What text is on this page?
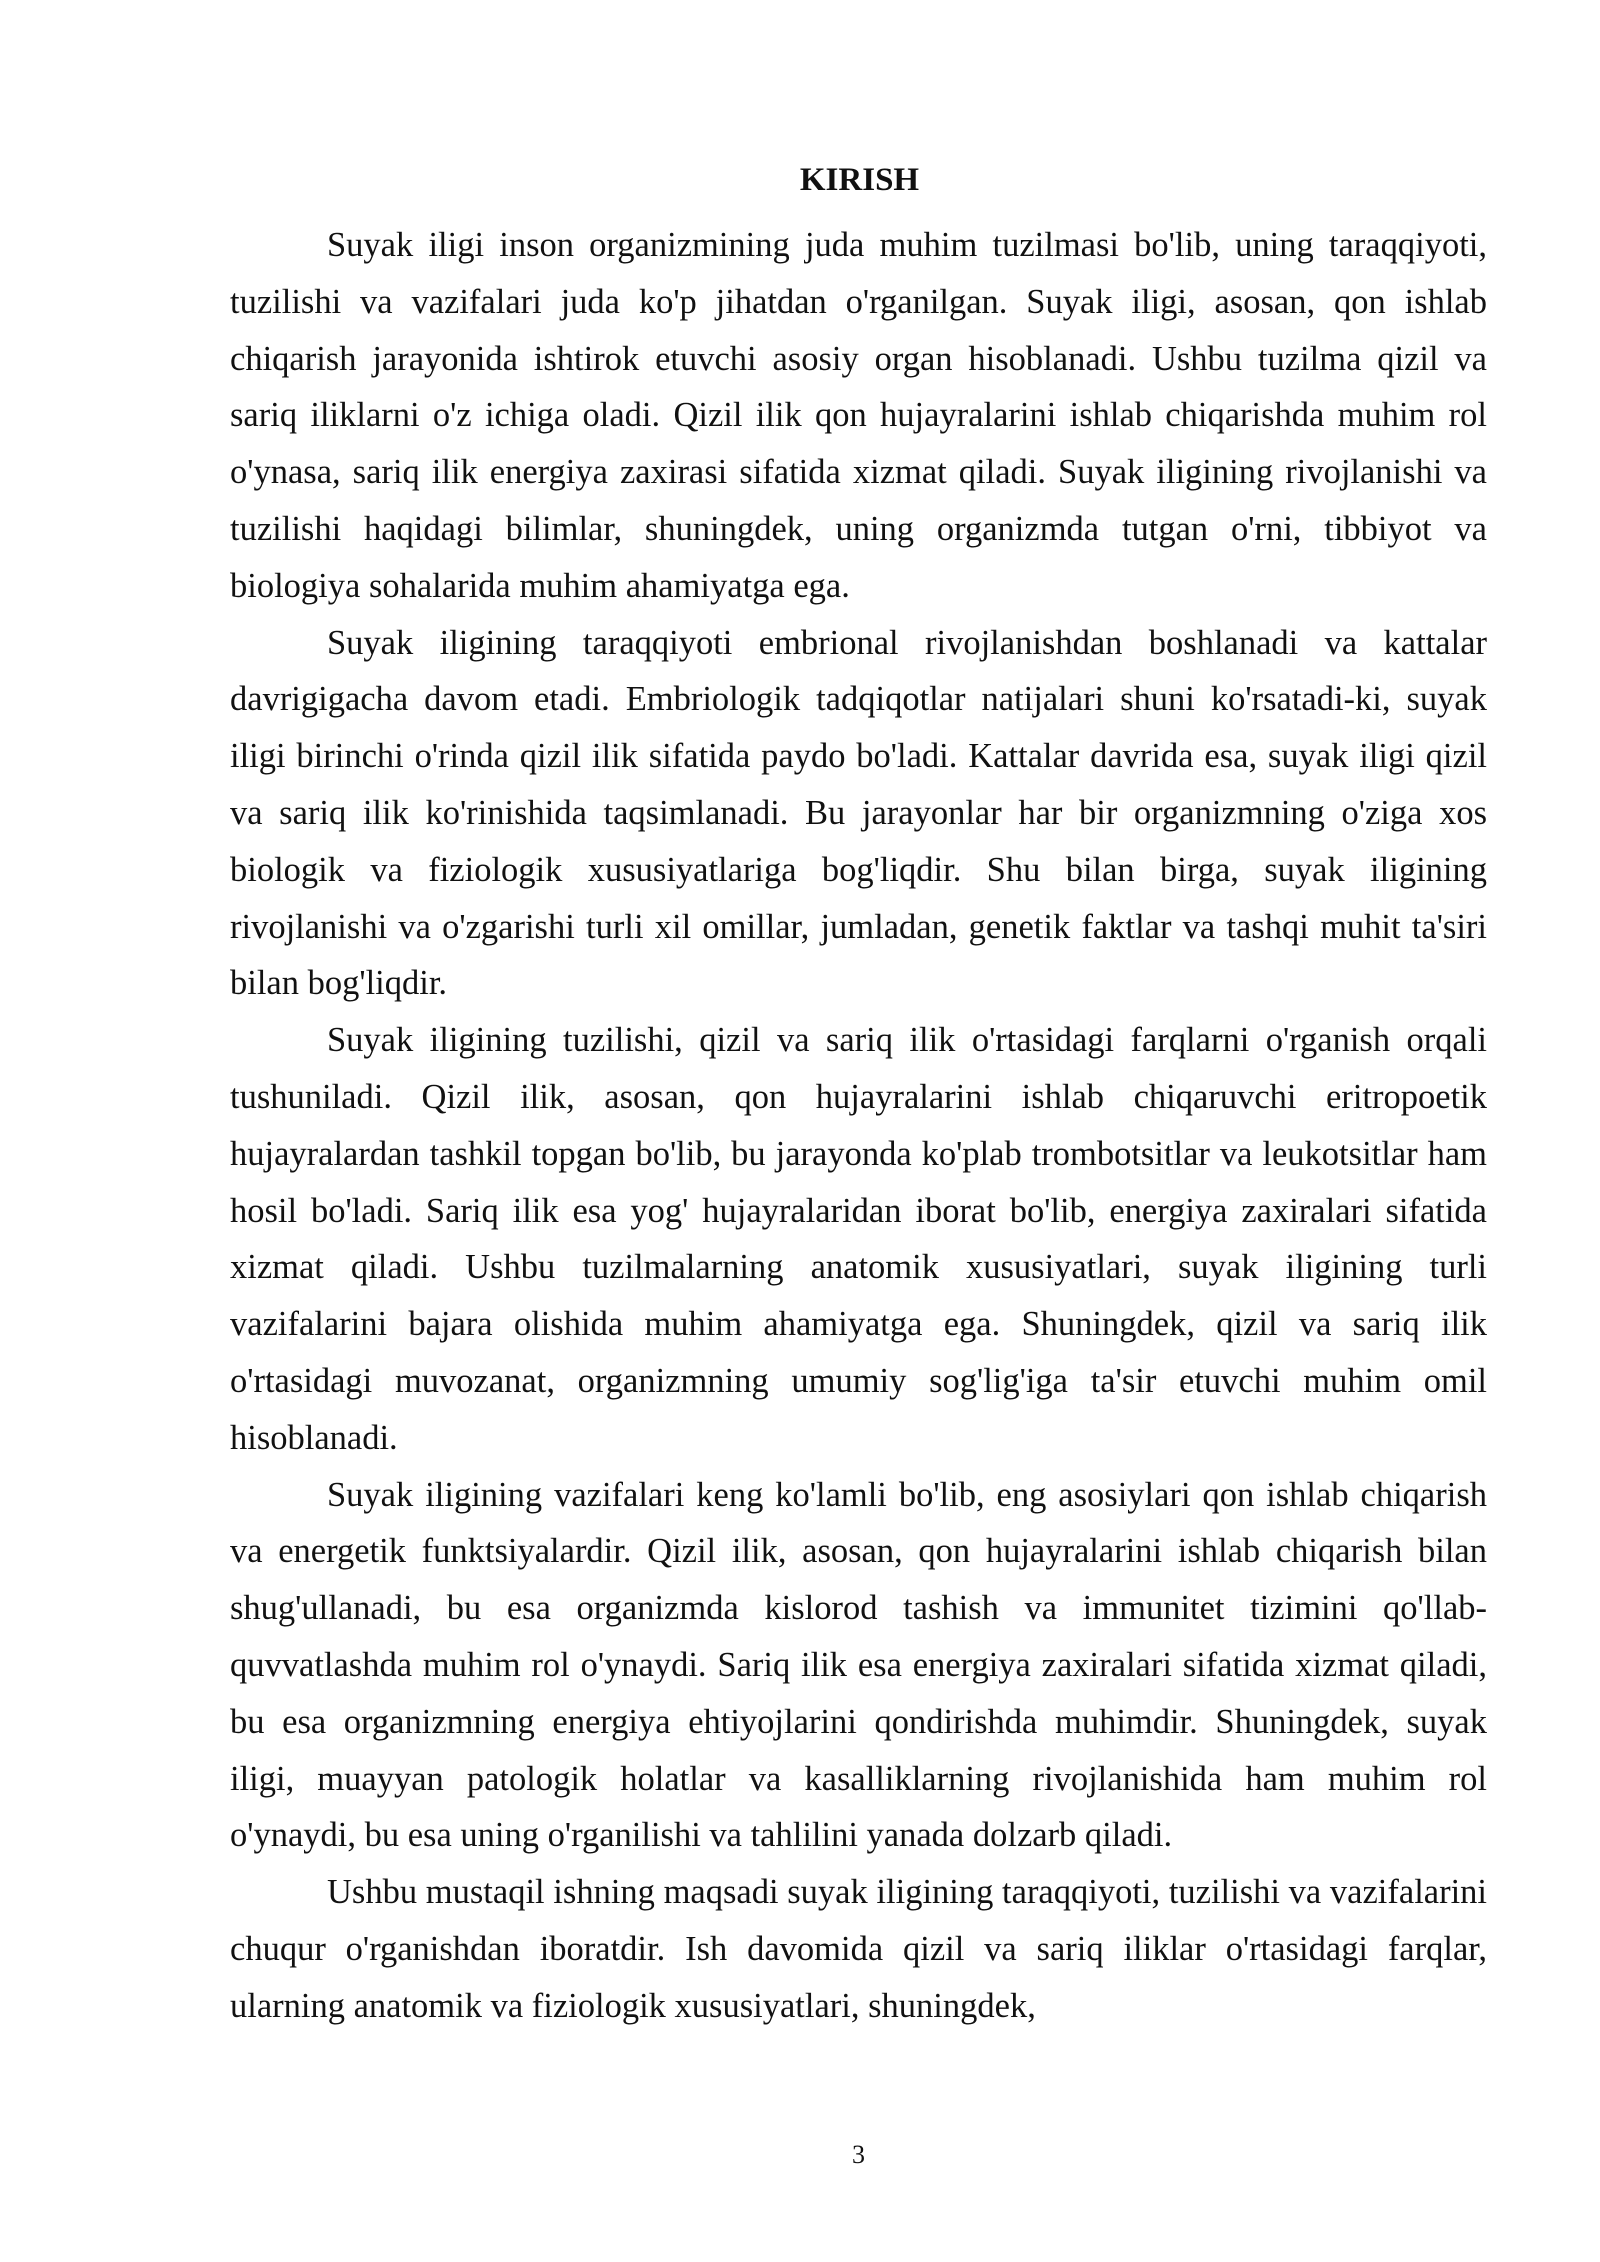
KIRISH

Suyak iligi inson organizmining juda muhim tuzilmasi bo'lib, uning taraqqiyoti, tuzilishi va vazifalari juda ko'p jihatdan o'rganilgan. Suyak iligi, asosan, qon ishlab chiqarish jarayonida ishtirok etuvchi asosiy organ hisoblanadi. Ushbu tuzilma qizil va sariq iliklarni o'z ichiga oladi. Qizil ilik qon hujayralarini ishlab chiqarishda muhim rol o'ynasa, sariq ilik energiya zaxirasi sifatida xizmat qiladi. Suyak iligining rivojlanishi va tuzilishi haqidagi bilimlar, shuningdek, uning organizmda tutgan o'rni, tibbiyot va biologiya sohalarida muhim ahamiyatga ega.

Suyak iligining taraqqiyoti embrional rivojlanishdan boshlanadi va kattalar davrigigacha davom etadi. Embriologik tadqiqotlar natijalari shuni ko'rsatadi-ki, suyak iligi birinchi o'rinda qizil ilik sifatida paydo bo'ladi. Kattalar davrida esa, suyak iligi qizil va sariq ilik ko'rinishida taqsimlanadi. Bu jarayonlar har bir organizmning o'ziga xos biologik va fiziologik xususiyatlariga bog'liqdir. Shu bilan birga, suyak iligining rivojlanishi va o'zgarishi turli xil omillar, jumladan, genetik faktlar va tashqi muhit ta'siri bilan bog'liqdir.

Suyak iligining tuzilishi, qizil va sariq ilik o'rtasidagi farqlarni o'rganish orqali tushuniladi. Qizil ilik, asosan, qon hujayralarini ishlab chiqaruvchi eritropoetik hujayralardan tashkil topgan bo'lib, bu jarayonda ko'plab trombotsitlar va leukotsitlar ham hosil bo'ladi. Sariq ilik esa yog' hujayralaridan iborat bo'lib, energiya zaxiralari sifatida xizmat qiladi. Ushbu tuzilmalarning anatomik xususiyatlari, suyak iligining turli vazifalarini bajara olishida muhim ahamiyatga ega. Shuningdek, qizil va sariq ilik o'rtasidagi muvozanat, organizmning umumiy sog'lig'iga ta'sir etuvchi muhim omil hisoblanadi.

Suyak iligining vazifalari keng ko'lamli bo'lib, eng asosiylari qon ishlab chiqarish va energetik funktsiyalardir. Qizil ilik, asosan, qon hujayralarini ishlab chiqarish bilan shug'ullanadi, bu esa organizmda kislorod tashish va immunitet tizimini qo'llab-quvvatlashda muhim rol o'ynaydi. Sariq ilik esa energiya zaxiralari sifatida xizmat qiladi, bu esa organizmning energiya ehtiyojlarini qondirishda muhimdir. Shuningdek, suyak iligi, muayyan patologik holatlar va kasalliklarning rivojlanishida ham muhim rol o'ynaydi, bu esa uning o'rganilishi va tahlilini yanada dolzarb qiladi.

Ushbu mustaqil ishning maqsadi suyak iligining taraqqiyoti, tuzilishi va vazifalarini chuqur o'rganishdan iboratdir. Ish davomida qizil va sariq iliklar o'rtasidagi farqlar, ularning anatomik va fiziologik xususiyatlari, shuningdek,

3
